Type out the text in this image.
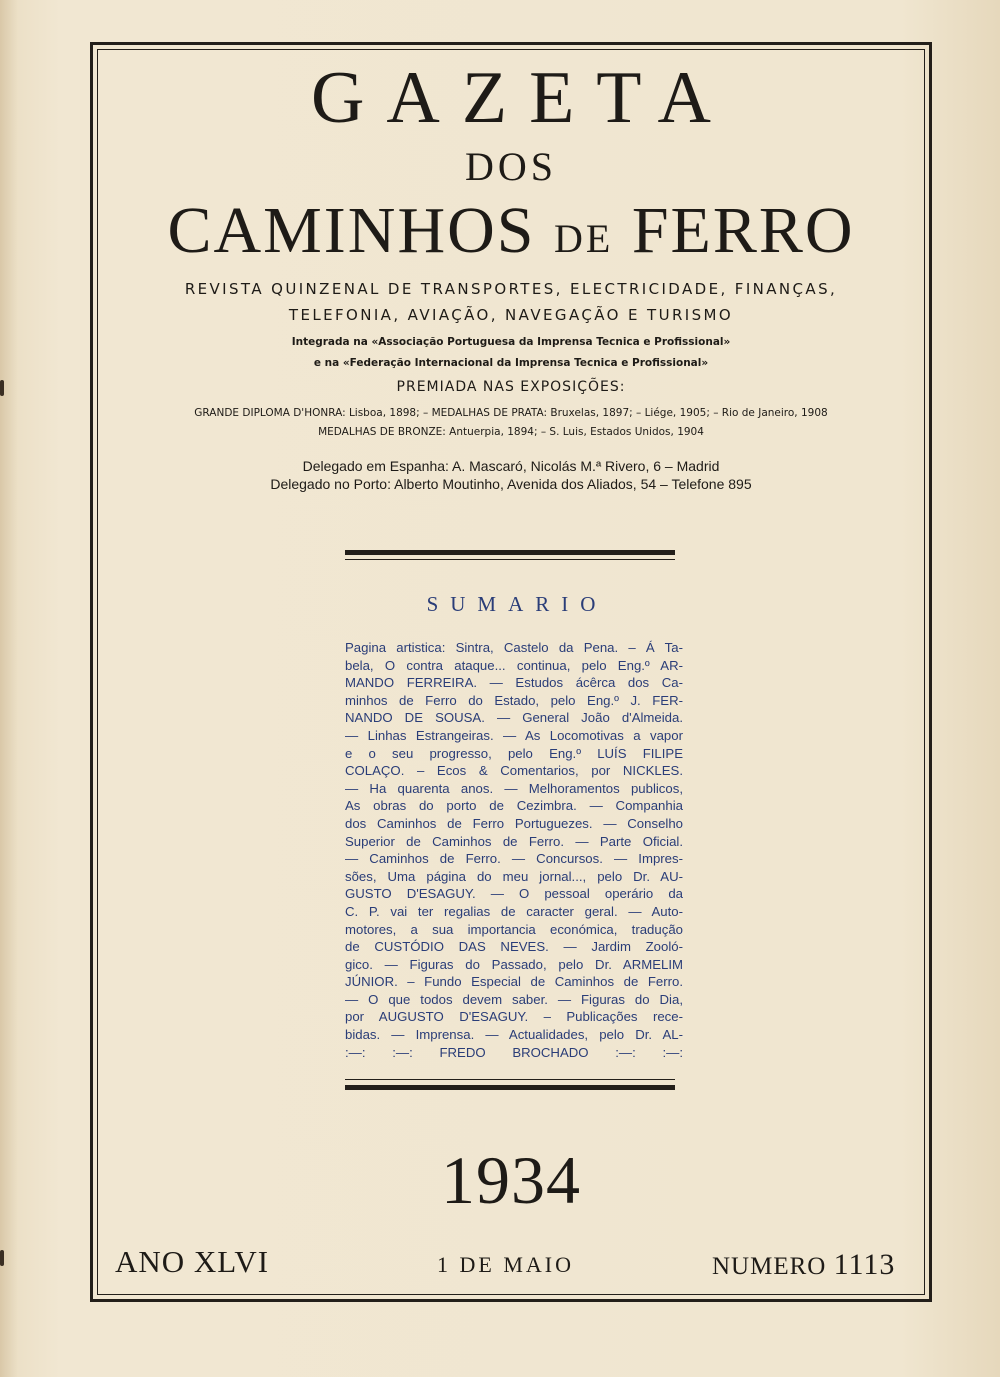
GAZETA
DOS
CAMINHOS DE FERRO
REVISTA QUINZENAL DE TRANSPORTES, ELECTRICIDADE, FINANÇAS,
TELEFONIA, AVIAÇÃO, NAVEGAÇÃO E TURISMO
Integrada na «Associação Portuguesa da Imprensa Tecnica e Profissional»
e na «Federação Internacional da Imprensa Tecnica e Profissional»
PREMIADA NAS EXPOSIÇÕES:
GRANDE DIPLOMA D'HONRA: Lisboa, 1898; – MEDALHAS DE PRATA: Bruxelas, 1897; – Liége, 1905; – Rio de Janeiro, 1908
MEDALHAS DE BRONZE: Antuerpia, 1894; – S. Luis, Estados Unidos, 1904
Delegado em Espanha: A. Mascaró, Nicolás M.ª Rivero, 6 – Madrid
Delegado no Porto: Alberto Moutinho, Avenida dos Aliados, 54 – Telefone 895
SUMARIO
Pagina artistica: Sintra, Castelo da Pena. – Á Ta-
bela, O contra ataque... continua, pelo Eng.º AR-
MANDO FERREIRA. — Estudos ácêrca dos Ca-
minhos de Ferro do Estado, pelo Eng.º J. FER-
NANDO DE SOUSA. — General João d'Almeida.
— Linhas Estrangeiras. — As Locomotivas a vapor
e o seu progresso, pelo Eng.º LUÍS FILIPE
COLAÇO. – Ecos & Comentarios, por NICKLES.
— Ha quarenta anos. — Melhoramentos publicos,
As obras do porto de Cezimbra. — Companhia
dos Caminhos de Ferro Portuguezes. — Conselho
Superior de Caminhos de Ferro. — Parte Oficial.
— Caminhos de Ferro. — Concursos. — Impres-
sões, Uma página do meu jornal..., pelo Dr. AU-
GUSTO D'ESAGUY. — O pessoal operário da
C. P. vai ter regalias de caracter geral. — Auto-
motores, a sua importancia económica, tradução
de CUSTÓDIO DAS NEVES. — Jardim Zooló-
gico. — Figuras do Passado, pelo Dr. ARMELIM
JÚNIOR. – Fundo Especial de Caminhos de Ferro.
— O que todos devem saber. — Figuras do Dia,
por AUGUSTO D'ESAGUY. – Publicações rece-
bidas. — Imprensa. — Actualidades, pelo Dr. AL-
:—: :—: FREDO BROCHADO :—: :—:
1934
ANO XLVI	1 DE MAIO	NUMERO 1113
